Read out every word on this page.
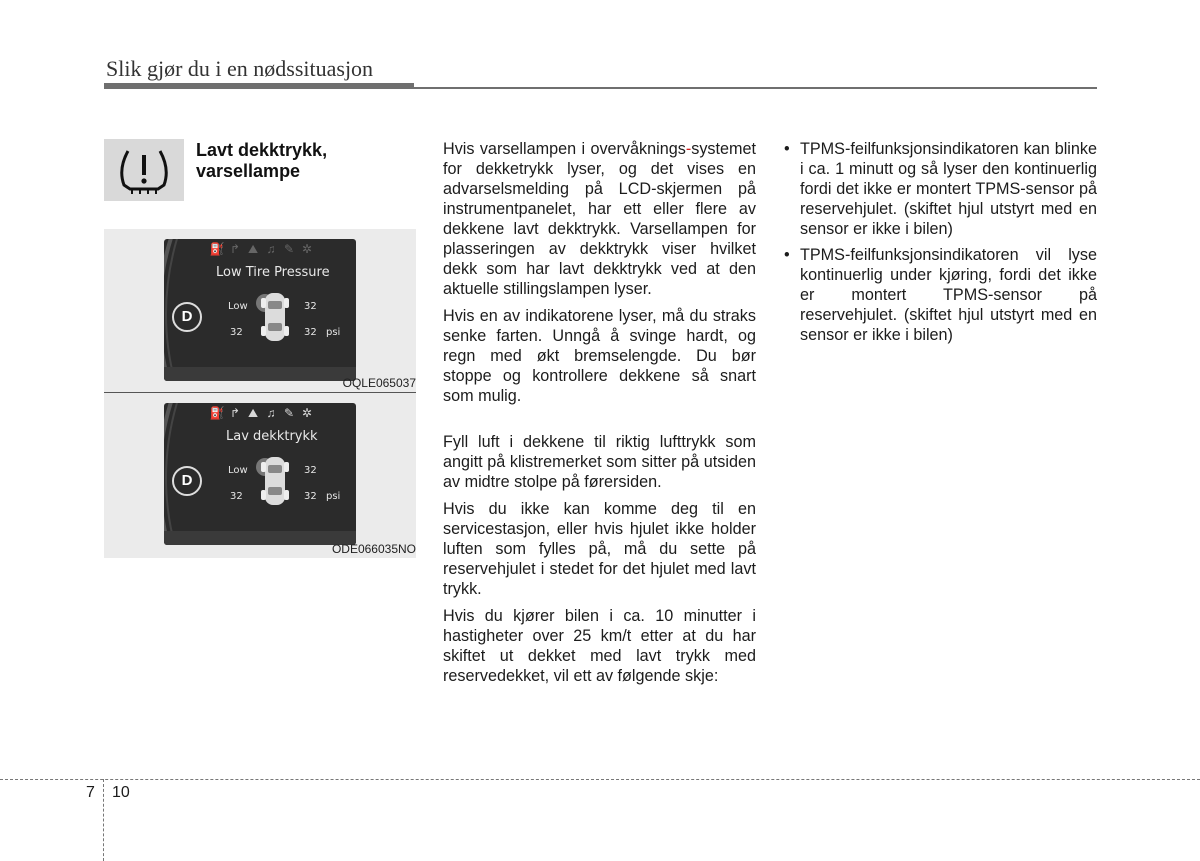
Slik gjør du i en nødssituasjon
Lavt dekktrykk,
varsellampe
⛽ ↱ ⛰ ♫ ✎ ✲
Low Tire Pressure
D
Low	32
32	32 psi
OQLE065037
⛽ ↱ ⛰ ♫ ✎ ✲
Lav dekktrykk
D
Low	32
32	32 psi
ODE066035NO

Hvis varsellampen i overvåknings-systemet for dekketrykk lyser, og det vises en advarselsmelding på LCD-skjermen på instrumentpanelet, har ett eller flere av dekkene lavt dekktrykk. Varsellampen for plasseringen av dekktrykk viser hvilket dekk som har lavt dekktrykk ved at den aktuelle stillingslampen lyser.

Hvis en av indikatorene lyser, må du straks senke farten. Unngå å svinge hardt, og regn med økt bremselengde. Du bør stoppe og kontrollere dekkene så snart som mulig.

Fyll luft i dekkene til riktig lufttrykk som angitt på klistremerket som sitter på utsiden av midtre stolpe på førersiden.

Hvis du ikke kan komme deg til en servicestasjon, eller hvis hjulet ikke holder luften som fylles på, må du sette på reservehjulet i stedet for det hjulet med lavt trykk.

Hvis du kjører bilen i ca. 10 minutter i hastigheter over 25 km/t etter at du har skiftet ut dekket med lavt trykk med reservedekket, vil ett av følgende skje:

• TPMS-feilfunksjonsindikatoren kan blinke i ca. 1 minutt og så lyser den kontinuerlig fordi det ikke er montert TPMS-sensor på reservehjulet. (skiftet hjul utstyrt med en sensor er ikke i bilen)
• TPMS-feilfunksjonsindikatoren vil lyse kontinuerlig under kjøring, fordi det ikke er montert TPMS-sensor på reservehjulet. (skiftet hjul utstyrt med en sensor er ikke i bilen)
7 10
